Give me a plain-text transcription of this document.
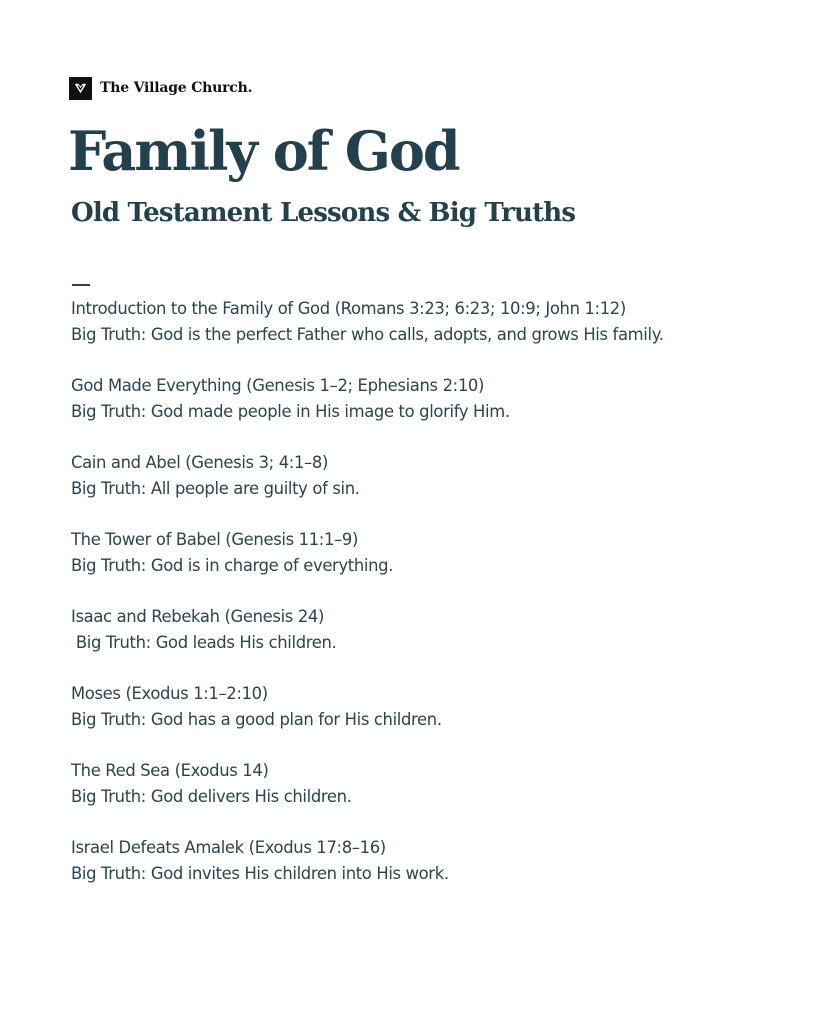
The Village Church.
Family of God
Old Testament Lessons & Big Truths
Introduction to the Family of God (Romans 3:23; 6:23; 10:9; John 1:12)
Big Truth: God is the perfect Father who calls, adopts, and grows His family.
God Made Everything (Genesis 1–2; Ephesians 2:10)
Big Truth: God made people in His image to glorify Him.
Cain and Abel (Genesis 3; 4:1–8)
Big Truth: All people are guilty of sin.
The Tower of Babel (Genesis 11:1–9)
Big Truth: God is in charge of everything.
Isaac and Rebekah (Genesis 24)
Big Truth: God leads His children.
Moses (Exodus 1:1–2:10)
Big Truth: God has a good plan for His children.
The Red Sea (Exodus 14)
Big Truth: God delivers His children.
Israel Defeats Amalek (Exodus 17:8–16)
Big Truth: God invites His children into His work.
